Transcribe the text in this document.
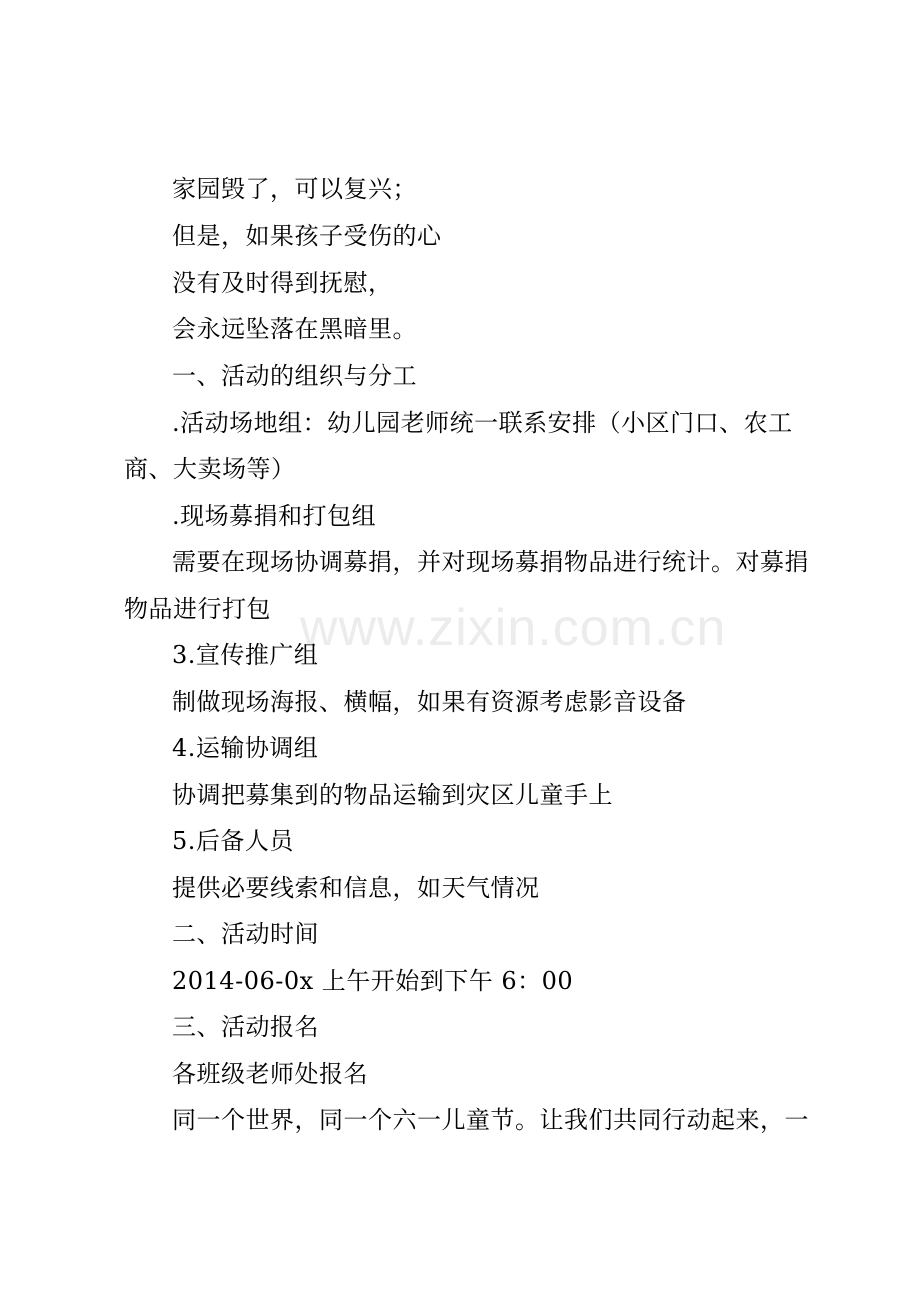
www.zixin.com.cn
家园毁了，可以复兴；
但是，如果孩子受伤的心
没有及时得到抚慰，
会永远坠落在黑暗里。
一、活动的组织与分工
.活动场地组：幼儿园老师统一联系安排（小区门口、农工
商、大卖场等）
.现场募捐和打包组
需要在现场协调募捐，并对现场募捐物品进行统计。对募捐
物品进行打包
3.宣传推广组
制做现场海报、横幅，如果有资源考虑影音设备
4.运输协调组
协调把募集到的物品运输到灾区儿童手上
5.后备人员
提供必要线索和信息，如天气情况
二、活动时间
2014-06-0x 上午开始到下午 6：00
三、活动报名
各班级老师处报名
同一个世界，同一个六一儿童节。让我们共同行动起来，一
